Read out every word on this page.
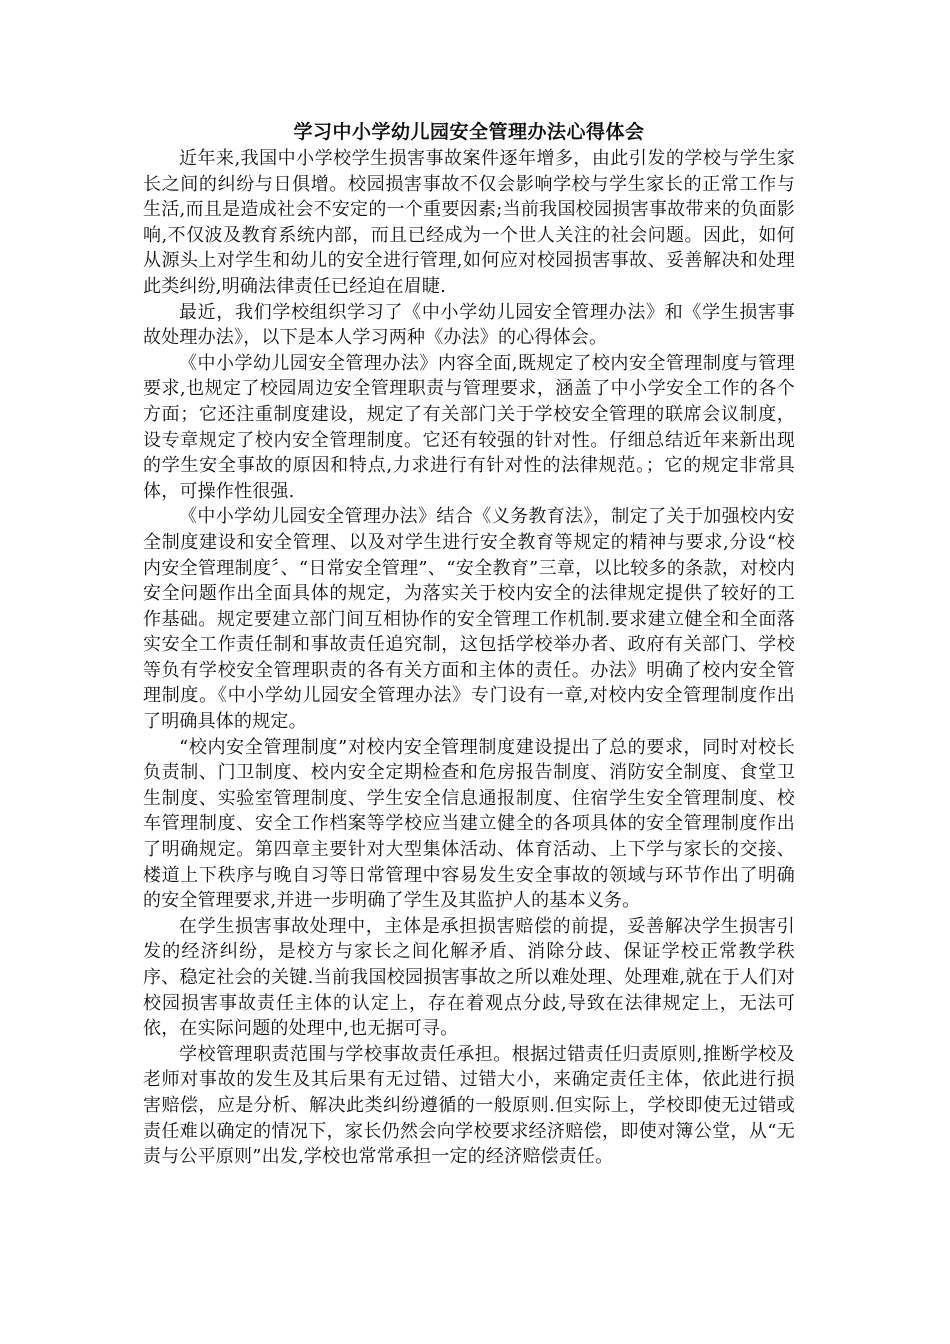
学习中小学幼儿园安全管理办法心得体会

近年来,我国中小学校学生损害事故案件逐年增多，由此引发的学校与学生家长之间的纠纷与日俱增。校园损害事故不仅会影响学校与学生家长的正常工作与生活,而且是造成社会不安定的一个重要因素;当前我国校园损害事故带来的负面影响,不仅波及教育系统内部，而且已经成为一个世人关注的社会问题。因此，如何从源头上对学生和幼儿的安全进行管理,如何应对校园损害事故、妥善解决和处理此类纠纷,明确法律责任已经迫在眉睫.

最近，我们学校组织学习了《中小学幼儿园安全管理办法》和《学生损害事故处理办法》，以下是本人学习两种《办法》的心得体会。

《中小学幼儿园安全管理办法》内容全面,既规定了校内安全管理制度与管理要求,也规定了校园周边安全管理职责与管理要求，涵盖了中小学安全工作的各个方面；它还注重制度建设，规定了有关部门关于学校安全管理的联席会议制度，设专章规定了校内安全管理制度。它还有较强的针对性。仔细总结近年来新出现的学生安全事故的原因和特点,力求进行有针对性的法律规范。；它的规定非常具体，可操作性很强.

《中小学幼儿园安全管理办法》结合《义务教育法》，制定了关于加强校内安全制度建设和安全管理、以及对学生进行安全教育等规定的精神与要求,分设“校内安全管理制度〞、“日常安全管理”、“安全教育”三章，以比较多的条款，对校内安全问题作出全面具体的规定，为落实关于校内安全的法律规定提供了较好的工作基础。规定要建立部门间互相协作的安全管理工作机制.要求建立健全和全面落实安全工作责任制和事故责任追究制，这包括学校举办者、政府有关部门、学校等负有学校安全管理职责的各有关方面和主体的责任。办法》明确了校内安全管理制度。《中小学幼儿园安全管理办法》专门设有一章,对校内安全管理制度作出了明确具体的规定。

“校内安全管理制度”对校内安全管理制度建设提出了总的要求，同时对校长负责制、门卫制度、校内安全定期检查和危房报告制度、消防安全制度、食堂卫生制度、实验室管理制度、学生安全信息通报制度、住宿学生安全管理制度、校车管理制度、安全工作档案等学校应当建立健全的各项具体的安全管理制度作出了明确规定。第四章主要针对大型集体活动、体育活动、上下学与家长的交接、楼道上下秩序与晚自习等日常管理中容易发生安全事故的领域与环节作出了明确的安全管理要求,并进一步明确了学生及其监护人的基本义务。

在学生损害事故处理中，主体是承担损害赔偿的前提，妥善解决学生损害引发的经济纠纷，是校方与家长之间化解矛盾、消除分歧、保证学校正常教学秩序、稳定社会的关键.当前我国校园损害事故之所以难处理、处理难,就在于人们对校园损害事故责任主体的认定上，存在着观点分歧,导致在法律规定上，无法可依，在实际问题的处理中,也无据可寻。

学校管理职责范围与学校事故责任承担。根据过错责任归责原则,推断学校及老师对事故的发生及其后果有无过错、过错大小，来确定责任主体，依此进行损害赔偿，应是分析、解决此类纠纷遵循的一般原则.但实际上，学校即使无过错或责任难以确定的情况下，家长仍然会向学校要求经济赔偿，即使对簿公堂，从“无责与公平原则”出发,学校也常常承担一定的经济赔偿责任。
